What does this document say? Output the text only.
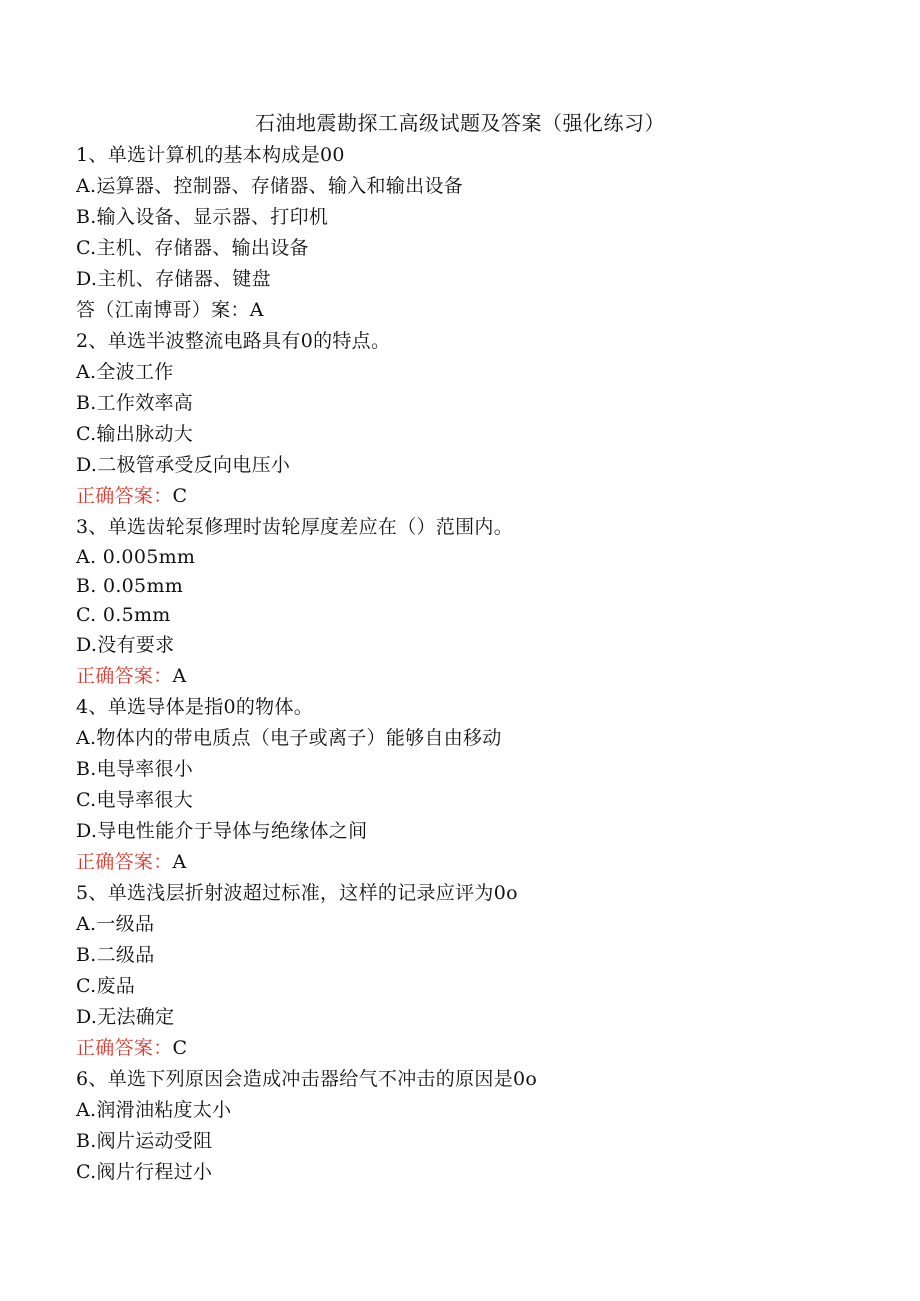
石油地震勘探工高级试题及答案（强化练习）
1、单选计算机的基本构成是00
A.运算器、控制器、存储器、输入和输出设备
B.输入设备、显示器、打印机
C.主机、存储器、输出设备
D.主机、存储器、键盘
答（江南博哥）案：A
2、单选半波整流电路具有0的特点。
A.全波工作
B.工作效率高
C.输出脉动大
D.二极管承受反向电压小
正确答案：C
3、单选齿轮泵修理时齿轮厚度差应在（）范围内。
A. 0.005mm
B. 0.05mm
C. 0.5mm
D.没有要求
正确答案：A
4、单选导体是指0的物体。
A.物体内的带电质点（电子或离子）能够自由移动
B.电导率很小
C.电导率很大
D.导电性能介于导体与绝缘体之间
正确答案：A
5、单选浅层折射波超过标准，这样的记录应评为0o
A.一级品
B.二级品
C.废品
D.无法确定
正确答案：C
6、单选下列原因会造成冲击器给气不冲击的原因是0o
A.润滑油粘度太小
B.阀片运动受阻
C.阀片行程过小
